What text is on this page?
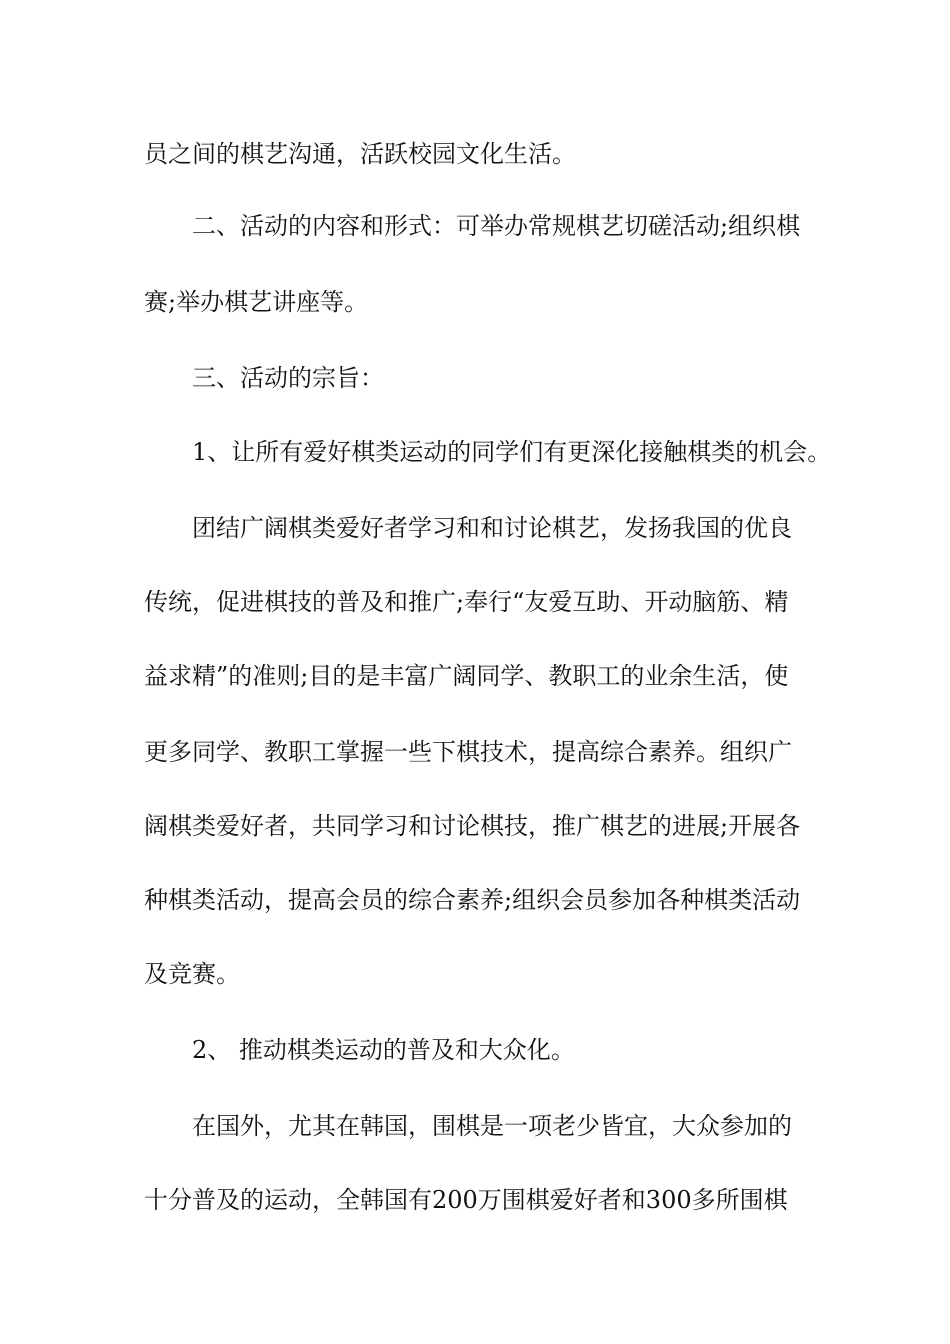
员之间的棋艺沟通，活跃校园文化生活。
二、活动的内容和形式：可举办常规棋艺切磋活动;组织棋
赛;举办棋艺讲座等。
三、活动的宗旨：
1、让所有爱好棋类运动的同学们有更深化接触棋类的机会。
团结广阔棋类爱好者学习和和讨论棋艺，发扬我国的优良
传统，促进棋技的普及和推广;奉行“友爱互助、开动脑筋、精
益求精”的准则;目的是丰富广阔同学、教职工的业余生活，使
更多同学、教职工掌握一些下棋技术，提高综合素养。组织广
阔棋类爱好者，共同学习和讨论棋技，推广棋艺的进展;开展各
种棋类活动，提高会员的综合素养;组织会员参加各种棋类活动
及竞赛。
2、 推动棋类运动的普及和大众化。
在国外，尤其在韩国，围棋是一项老少皆宜，大众参加的
十分普及的运动，全韩国有200万围棋爱好者和300多所围棋
